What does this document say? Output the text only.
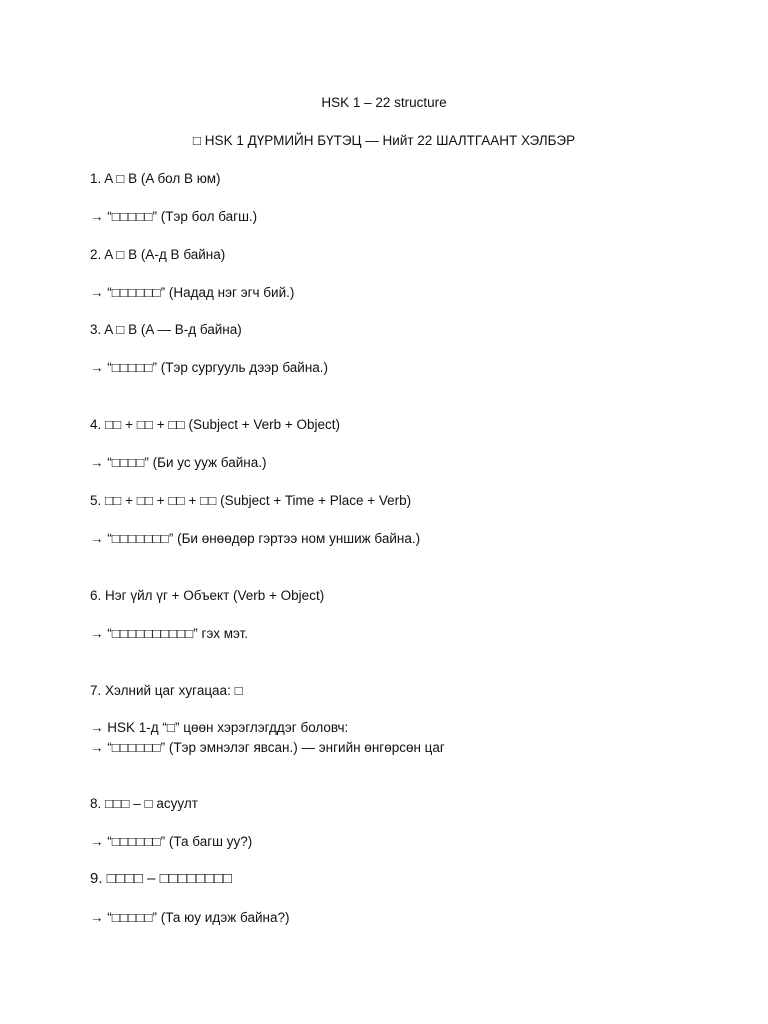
HSK 1 – 22 structure
□ HSK 1 ДҮРМИЙН БҮТЭЦ — Нийт 22 ШАЛТГААНТ ХЭЛБЭР
1. A □ B (A бол B юм)
→ “□□□□□” (Тэр бол багш.)
2. A □ B (A-д B байна)
→ “□□□□□□” (Надад нэг эгч бий.)
3. A □ B (A — B-д байна)
→ “□□□□□” (Тэр сургууль дээр байна.)
4. □□ + □□ + □□ (Subject + Verb + Object)
→ “□□□□” (Би ус ууж байна.)
5. □□ + □□ + □□ + □□ (Subject + Time + Place + Verb)
→ “□□□□□□□” (Би өнөөдөр гэртээ ном уншиж байна.)
6. Нэг үйл үг + Объект (Verb + Object)
→ “□□□□□□□□□□” гэх мэт.
7. Хэлний цаг хугацаа: □
→ HSK 1-д “□” цөөн хэрэглэгддэг боловч:
→ “□□□□□□” (Тэр эмнэлэг явсан.) — энгийн өнгөрсөн цаг
8. □□□ – □ асуулт
→ “□□□□□□” (Та багш уу?)
9. □□□□ – □□□□□□□□
→ “□□□□□” (Та юу идэж байна?)
